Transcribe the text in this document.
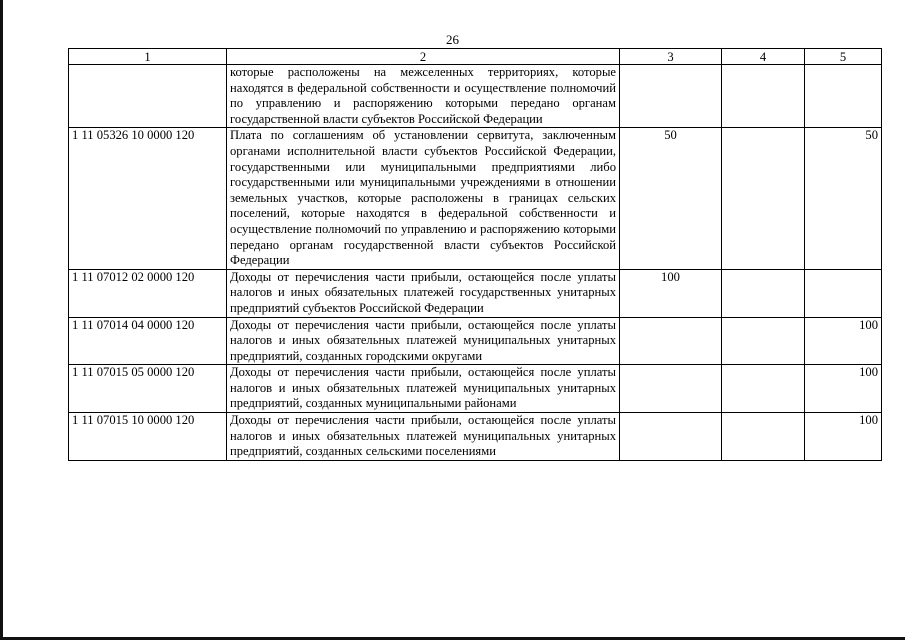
26
1	2	3	4	5
	которые расположены на межселенных территориях, которые находятся в федеральной собственности и осуществление полномочий по управлению и распоряжению которыми передано органам государственной власти субъектов Российской Федерации			
1 11 05326 10 0000 120	Плата по соглашениям об установлении сервитута, заключенным органами исполнительной власти субъектов Российской Федерации, государственными или муниципальными предприятиями либо государственными или муниципальными учреждениями в отношении земельных участков, которые расположены в границах сельских поселений, которые находятся в федеральной собственности и осуществление полномочий по управлению и распоряжению которыми передано органам государственной власти субъектов Российской Федерации	50		50
1 11 07012 02 0000 120	Доходы от перечисления части прибыли, остающейся после уплаты налогов и иных обязательных платежей государственных унитарных предприятий субъектов Российской Федерации	100		
1 11 07014 04 0000 120	Доходы от перечисления части прибыли, остающейся после уплаты налогов и иных обязательных платежей муниципальных унитарных предприятий, созданных городскими округами			100
1 11 07015 05 0000 120	Доходы от перечисления части прибыли, остающейся после уплаты налогов и иных обязательных платежей муниципальных унитарных предприятий, созданных муниципальными районами			100
1 11 07015 10 0000 120	Доходы от перечисления части прибыли, остающейся после уплаты налогов и иных обязательных платежей муниципальных унитарных предприятий, созданных сельскими поселениями			100
